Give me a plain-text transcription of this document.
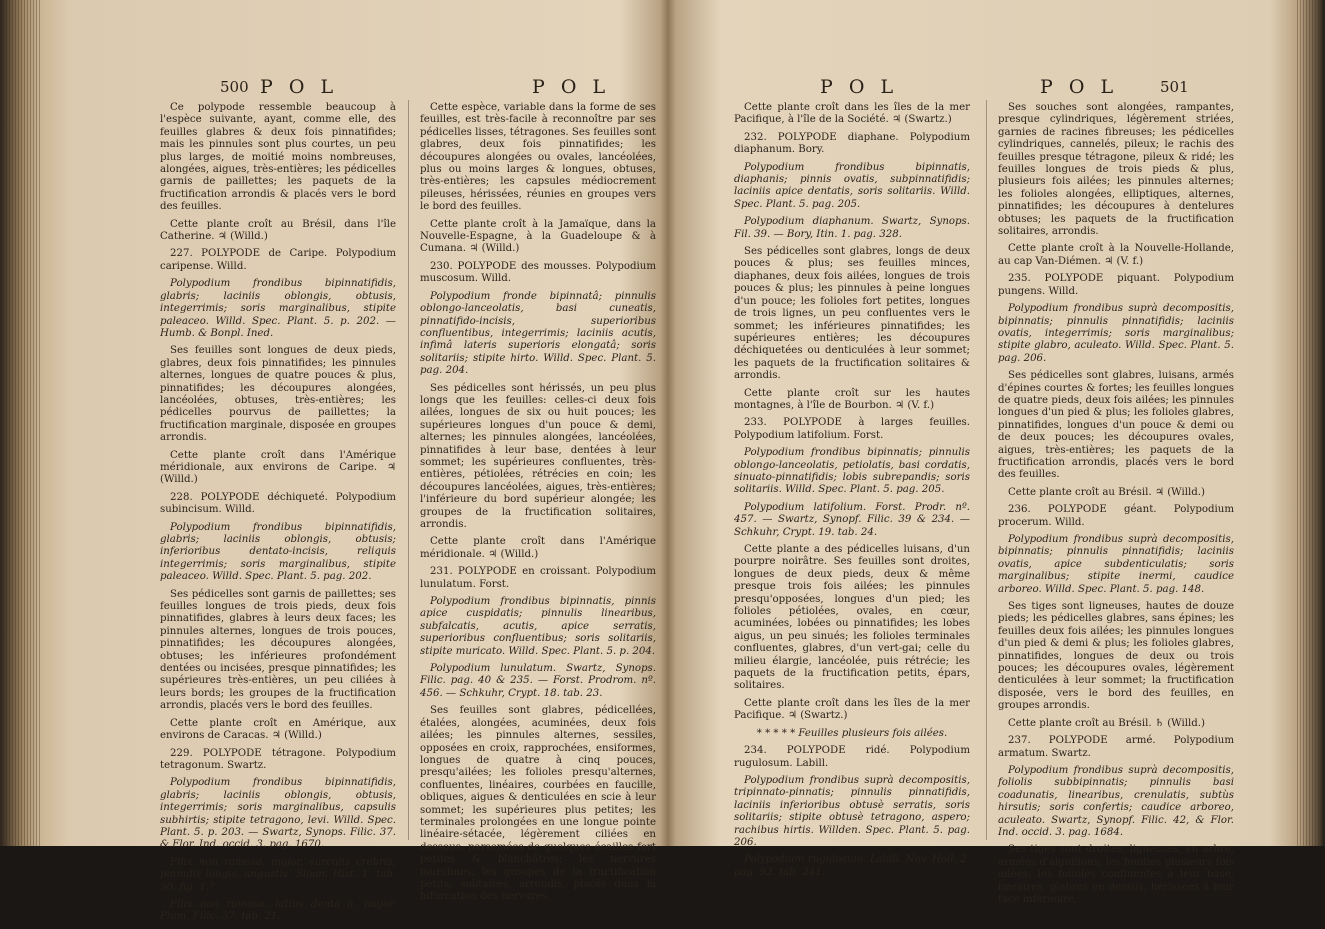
500 P O L	P O L

Ce polypode ressemble beaucoup à l'espèce suivante, ayant, comme elle, des feuilles glabres & deux fois pinnatifides; mais les pinnules sont plus courtes, un peu plus larges, de moitié moins nombreuses, alongées, aigues, très-entières; les pédicelles garnis de paillettes; les paquets de la fructification arrondis & placés vers le bord des feuilles.

Cette plante croît au Brésil, dans l'île Catherine. ♃ (Willd.)

227. POLYPODE de Caripe. Polypodium caripense. Willd.

Polypodium frondibus bipinnatifidis, glabris; laciniis oblongis, obtusis, integerrimis; soris marginalibus, stipite paleaceo. Willd. Spec. Plant. 5. p. 202. — Humb. & Bonpl. Ined.

Ses feuilles sont longues de deux pieds, glabres, deux fois pinnatifides; les pinnules alternes, longues de quatre pouces & plus, pinnatifides; les découpures alongées, lancéolées, obtuses, très-entières; les pédicelles pourvus de paillettes; la fructification marginale, disposée en groupes arrondis.

Cette plante croît dans l'Amérique méridionale, aux environs de Caripe. ♃ (Willd.)

228. POLYPODE déchiqueté. Polypodium subincisum. Willd.

Polypodium frondibus bipinnatifidis, glabris; laciniis oblongis, obtusis; inferioribus dentato-incisis, reliquis integerrimis; soris marginalibus, stipite paleaceo. Willd. Spec. Plant. 5. pag. 202.

Ses pédicelles sont garnis de paillettes; ses feuilles longues de trois pieds, deux fois pinnatifides, glabres à leurs deux faces; les pinnules alternes, longues de trois pouces, pinnatifides; les découpures alongées, obtuses; les inférieures profondément dentées ou incisées, presque pinnatifides; les supérieures très-entières, un peu ciliées à leurs bords; les groupes de la fructification arrondis, placés vers le bord des feuilles.

Cette plante croît en Amérique, aux environs de Caracas. ♃ (Willd.)

229. POLYPODE tétragone. Polypodium tetragonum. Swartz.

Polypodium frondibus bipinnatifidis, glabris; laciniis oblongis, obtusis, integerrimis; soris marginalibus, capsulis subhirtis; stipite tetragono, levi. Willd. Spec. Plant. 5. p. 203. — Swartz, Synops. Filic. 37. & Flor. Ind. occid. 3. pag. 1670.

Filix non ramosa, major, surculis crebris; pinnulis longis, angustis. Sloan. Hist. 1. tab. 50. fig. 1.?

Filix non ramosa, latius denta a, major. Plum. Filic. 37. tab. 21.

Cette espèce, variable dans la forme de ses feuilles, est très-facile à reconnoître par ses pédicelles lisses, tétragones. Ses feuilles sont glabres, deux fois pinnatifides; les découpures alongées ou ovales, lancéolées, plus ou moins larges & longues, obtuses, très-entières; les capsules médiocrement pileuses, hérissées, réunies en groupes vers le bord des feuilles.

Cette plante croît à la Jamaïque, dans la Nouvelle-Espagne, à la Guadeloupe & à Cumana. ♃ (Willd.)

230. POLYPODE des mousses. Polypodium muscosum. Willd.

Polypodium fronde bipinnatâ; pinnulis oblongo-lanceolatis, basi cuneatis, pinnatifido-incisis, superioribus confluentibus, integerrimis; laciniis acutis, infimâ lateris superioris elongatâ; soris solitariis; stipite hirto. Willd. Spec. Plant. 5. pag. 204.

Ses pédicelles sont hérissés, un peu plus longs que les feuilles: celles-ci deux fois ailées, longues de six ou huit pouces; les supérieures longues d'un pouce & demi, alternes; les pinnules alongées, lancéolées, pinnatifides à leur base, dentées à leur sommet; les supérieures confluentes, très-entières, pétiolées, rétrécies en coin; les découpures lancéolées, aigues, très-entières; l'inférieure du bord supérieur alongée; les groupes de la fructification solitaires, arrondis.

Cette plante croît dans l'Amérique méridionale. ♃ (Willd.)

231. POLYPODE en croissant. Polypodium lunulatum. Forst.

Polypodium frondibus bipinnatis, pinnis apice cuspidatis; pinnulis linearibus, subfalcatis, acutis, apice serratis, superioribus confluentibus; soris solitariis, stipite muricato. Willd. Spec. Plant. 5. p. 204.

Polypodium lunulatum. Swartz, Synops. Filic. pag. 40 & 235. — Forst. Prodrom. nº. 456. — Schkuhr, Crypt. 18. tab. 23.

Ses feuilles sont glabres, pédicellées, étalées, alongées, acuminées, deux fois ailées; les pinnules alternes, sessiles, opposées en croix, rapprochées, ensiformes, longues de quatre à cinq pouces, presqu'ailées; les folioles presqu'alternes, confluentes, linéaires, courbées en faucille, obliques, aigues & denticulées en scie à leur sommet; les supérieures plus petites; les terminales prolongées en une longue pointe linéaire-sétacée, légèrement ciliées en dessous, parsemées de quelques écailles fort petites & blanchâtres; les nervures fourchues; les groupes de la fructification petits, solitaires, arrondis, placés dans la bifurcation des nervures.

P O L	P O L	501

Cette plante croît dans les îles de la mer Pacifique, à l'île de la Société. ♃ (Swartz.)

232. POLYPODE diaphane. Polypodium diaphanum. Bory.

Polypodium frondibus bipinnatis, diaphanis; pinnis ovatis, subpinnatifidis; laciniis apice dentatis, soris solitariis. Willd. Spec. Plant. 5. pag. 205.

Polypodium diaphanum. Swartz, Synops. Fil. 39. — Bory, Itin. 1. pag. 328.

Ses pédicelles sont glabres, longs de deux pouces & plus; ses feuilles minces, diaphanes, deux fois ailées, longues de trois pouces & plus; les pinnules à peine longues d'un pouce; les folioles fort petites, longues de trois lignes, un peu confluentes vers le sommet; les inférieures pinnatifides; les supérieures entières; les découpures déchiquetées ou denticulées à leur sommet; les paquets de la fructification solitaires & arrondis.

Cette plante croît sur les hautes montagnes, à l'île de Bourbon. ♃ (V. f.)

233. POLYPODE à larges feuilles. Polypodium latifolium. Forst.

Polypodium frondibus bipinnatis; pinnulis oblongo-lanceolatis, petiolatis, basi cordatis, sinuato-pinnatifidis; lobis subrepandis; soris solitariis. Willd. Spec. Plant. 5. pag. 205.

Polypodium latifolium. Forst. Prodr. nº. 457. — Swartz, Synopf. Filic. 39 & 234. — Schkuhr, Crypt. 19. tab. 24.

Cette plante a des pédicelles luisans, d'un pourpre noirâtre. Ses feuilles sont droites, longues de deux pieds, deux & même presque trois fois ailées; les pinnules presqu'opposées, longues d'un pied; les folioles pétiolées, ovales, en cœur, acuminées, lobées ou pinnatifides; les lobes aigus, un peu sinués; les folioles terminales confluentes, glabres, d'un vert-gai; celle du milieu élargie, lancéolée, puis rétrécie; les paquets de la fructification petits, épars, solitaires.

Cette plante croît dans les îles de la mer Pacifique. ♃ (Swartz.)

* * * * * Feuilles plusieurs fois ailées.

234. POLYPODE ridé. Polypodium rugulosum. Labill.

Polypodium frondibus suprà decompositis, tripinnato-pinnatis; pinnulis pinnatifidis, laciniis inferioribus obtusè serratis, soris solitariis; stipite obtusè tetragono, aspero; rachibus hirtis. Willden. Spec. Plant. 5. pag. 206.

Polypodium rugulosum. Labill. Nov. Holl. 2. pag. 92. tab. 241.

Ses souches sont alongées, rampantes, presque cylindriques, légèrement striées, garnies de racines fibreuses; les pédicelles cylindriques, cannelés, pileux; le rachis des feuilles presque tétragone, pileux & ridé; les feuilles longues de trois pieds & plus, plusieurs fois ailées; les pinnules alternes; les folioles alongées, elliptiques, alternes, pinnatifides; les découpures à dentelures obtuses; les paquets de la fructification solitaires, arrondis.

Cette plante croît à la Nouvelle-Hollande, au cap Van-Diémen. ♃ (V. f.)

235. POLYPODE piquant. Polypodium pungens. Willd.

Polypodium frondibus suprà decompositis, bipinnatis; pinnulis pinnatifidis; laciniis ovatis, integerrimis; soris marginalibus; stipite glabro, aculeato. Willd. Spec. Plant. 5. pag. 206.

Ses pédicelles sont glabres, luisans, armés d'épines courtes & fortes; les feuilles longues de quatre pieds, deux fois ailées; les pinnules longues d'un pied & plus; les folioles glabres, pinnatifides, longues d'un pouce & demi ou de deux pouces; les découpures ovales, aigues, très-entières; les paquets de la fructification arrondis, placés vers le bord des feuilles.

Cette plante croît au Brésil. ♃ (Willd.)

236. POLYPODE géant. Polypodium procerum. Willd.

Polypodium frondibus suprà decompositis, bipinnatis; pinnulis pinnatifidis; laciniis ovatis, apice subdenticulatis; soris marginalibus; stipite inermi, caudice arboreo. Willd. Spec. Plant. 5. pag. 148.

Ses tiges sont ligneuses, hautes de douze pieds; les pédicelles glabres, sans épines; les feuilles deux fois ailées; les pinnules longues d'un pied & demi & plus; les folioles glabres, pinnatifides, longues de deux ou trois pouces; les découpures ovales, légèrement denticulées à leur sommet; la fructification disposée, vers le bord des feuilles, en groupes arrondis.

Cette plante croît au Brésil. ♄ (Willd.)

237. POLYPODE armé. Polypodium armatum. Swartz.

Polypodium frondibus suprà decompositis, foliolis subbipinnatis; pinnulis basi coadunatis, linearibus, crenulatis, subtùs hirsutis; soris confertis; caudice arboreo, aculeato. Swartz, Synopf. Filic. 42, & Flor. Ind. occid. 3. pag. 1684.

Ses tiges sont droites, ligneuses, en arbre, armées d'aiguillons; les feuilles plusieurs fois ailées; les folioles confluentes à leur base, linéaires, glabres en dessus, hérissées à leur face inférieure,
